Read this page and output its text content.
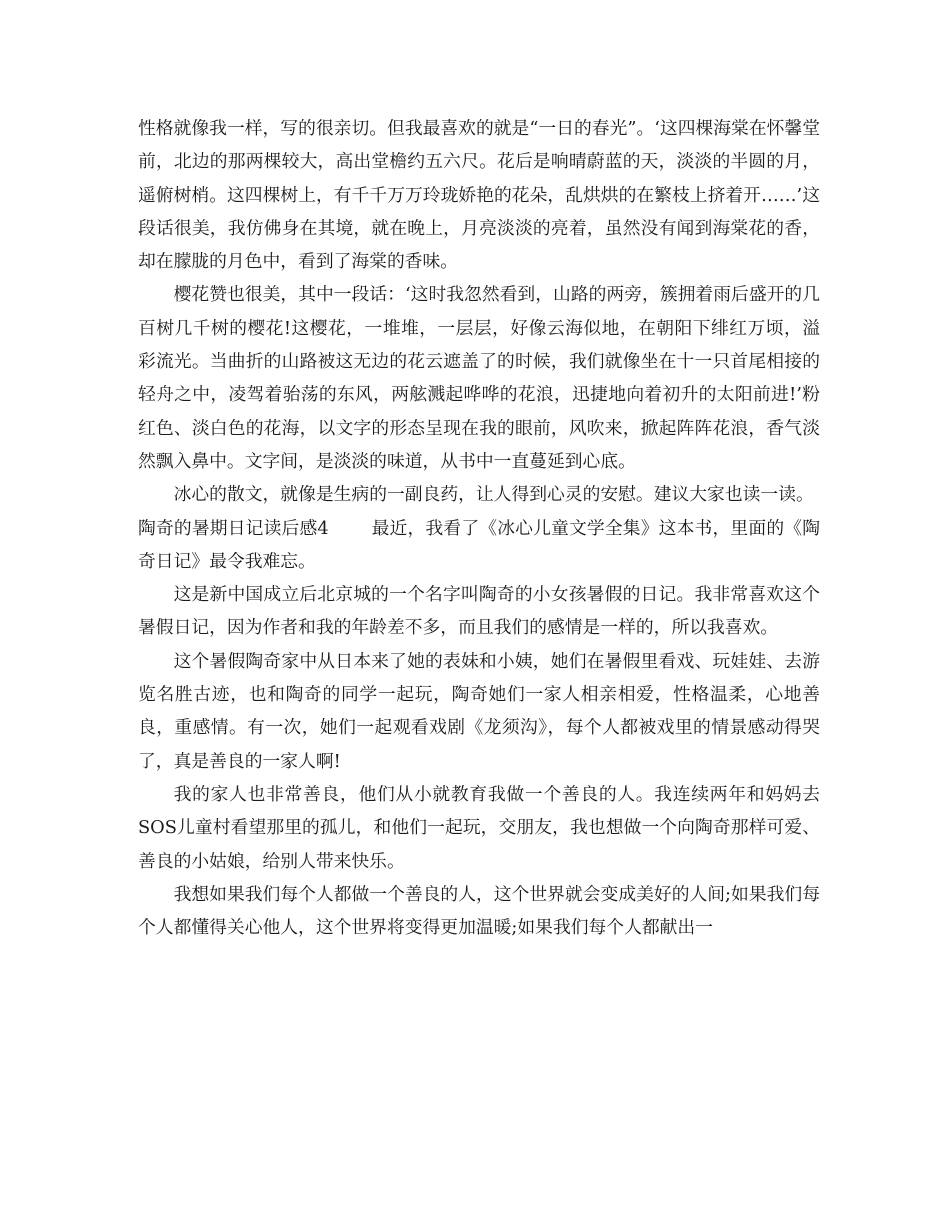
性格就像我一样，写的很亲切。但我最喜欢的就是“一日的春光”。‘这四棵海棠在怀馨堂前，北边的那两棵较大，高出堂檐约五六尺。花后是响晴蔚蓝的天，淡淡的半圆的月，遥俯树梢。这四棵树上，有千千万万玲珑娇艳的花朵，乱烘烘的在繁枝上挤着开……’这段话很美，我仿佛身在其境，就在晚上，月亮淡淡的亮着，虽然没有闻到海棠花的香，却在朦胧的月色中，看到了海棠的香味。

樱花赞也很美，其中一段话：‘这时我忽然看到，山路的两旁，簇拥着雨后盛开的几百树几千树的樱花!这樱花，一堆堆，一层层，好像云海似地，在朝阳下绯红万顷，溢彩流光。当曲折的山路被这无边的花云遮盖了的时候，我们就像坐在十一只首尾相接的轻舟之中，凌驾着骀荡的东风，两舷溅起哗哗的花浪，迅捷地向着初升的太阳前进!’粉红色、淡白色的花海，以文字的形态呈现在我的眼前，风吹来，掀起阵阵花浪，香气淡然飘入鼻中。文字间，是淡淡的味道，从书中一直蔓延到心底。

冰心的散文，就像是生病的一副良药，让人得到心灵的安慰。建议大家也读一读。

陶奇的暑期日记读后感4 最近，我看了《冰心儿童文学全集》这本书，里面的《陶奇日记》最令我难忘。

这是新中国成立后北京城的一个名字叫陶奇的小女孩暑假的日记。我非常喜欢这个暑假日记，因为作者和我的年龄差不多，而且我们的感情是一样的，所以我喜欢。

这个暑假陶奇家中从日本来了她的表妹和小姨，她们在暑假里看戏、玩娃娃、去游览名胜古迹，也和陶奇的同学一起玩，陶奇她们一家人相亲相爱，性格温柔，心地善良，重感情。有一次，她们一起观看戏剧《龙须沟》，每个人都被戏里的情景感动得哭了，真是善良的一家人啊!

我的家人也非常善良，他们从小就教育我做一个善良的人。我连续两年和妈妈去SOS儿童村看望那里的孤儿，和他们一起玩，交朋友，我也想做一个向陶奇那样可爱、善良的小姑娘，给别人带来快乐。

我想如果我们每个人都做一个善良的人，这个世界就会变成美好的人间;如果我们每个人都懂得关心他人，这个世界将变得更加温暖;如果我们每个人都献出一
